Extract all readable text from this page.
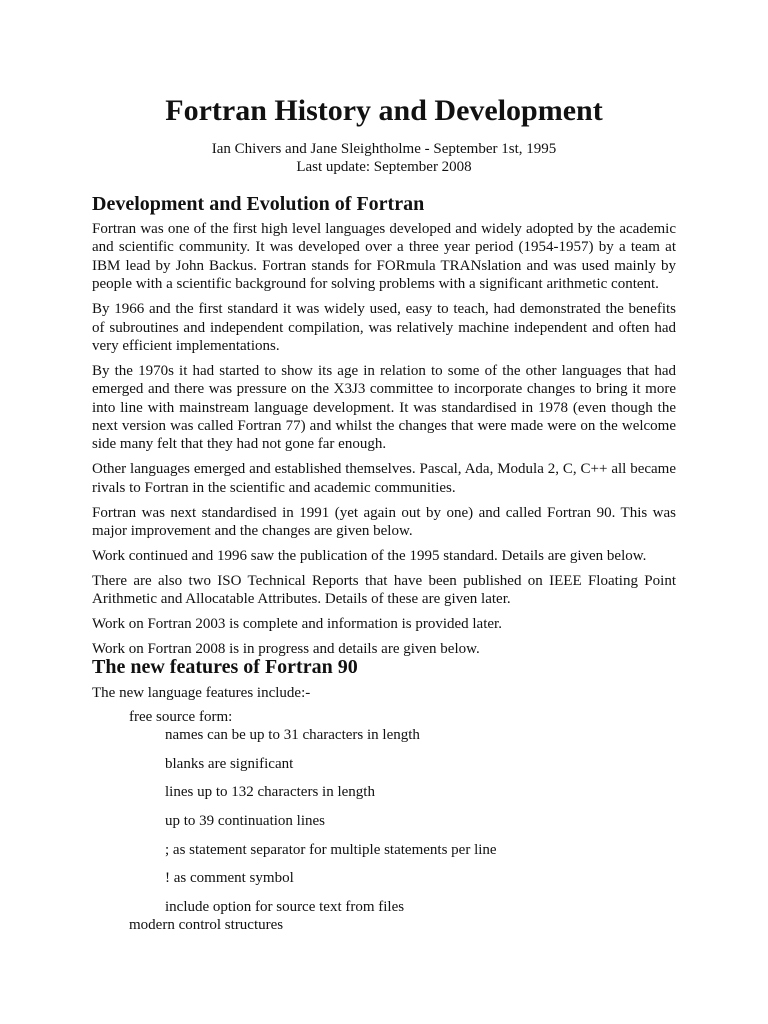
Fortran History and Development
Ian Chivers and Jane Sleightholme - September 1st, 1995
Last update: September 2008
Development and Evolution of Fortran

Fortran was one of the first high level languages developed and widely adopted by the academic and scientific community. It was developed over a three year period (1954-1957) by a team at IBM lead by John Backus. Fortran stands for FORmula TRANslation and was used mainly by people with a scientific background for solving problems with a significant arithmetic content.

By 1966 and the first standard it was widely used, easy to teach, had demonstrated the benefits of subroutines and independent compilation, was relatively machine independent and often had very efficient implementations.

By the 1970s it had started to show its age in relation to some of the other languages that had emerged and there was pressure on the X3J3 committee to incorporate changes to bring it more into line with mainstream language development. It was standardised in 1978 (even though the next version was called Fortran 77) and whilst the changes that were made were on the welcome side many felt that they had not gone far enough.

Other languages emerged and established themselves. Pascal, Ada, Modula 2, C, C++ all became rivals to Fortran in the scientific and academic communities.

Fortran was next standardised in 1991 (yet again out by one) and called Fortran 90. This was major improvement and the changes are given below.

Work continued and 1996 saw the publication of the 1995 standard. Details are given below.

There are also two ISO Technical Reports that have been published on IEEE Floating Point Arithmetic and Allocatable Attributes. Details of these are given later.

Work on Fortran 2003 is complete and information is provided later.

Work on Fortran 2008 is in progress and details are given below.

The new features of Fortran 90

The new language features include:-

free source form:
names can be up to 31 characters in length
blanks are significant
lines up to 132 characters in length
up to 39 continuation lines
; as statement separator for multiple statements per line
! as comment symbol
include option for source text from files
modern control structures
